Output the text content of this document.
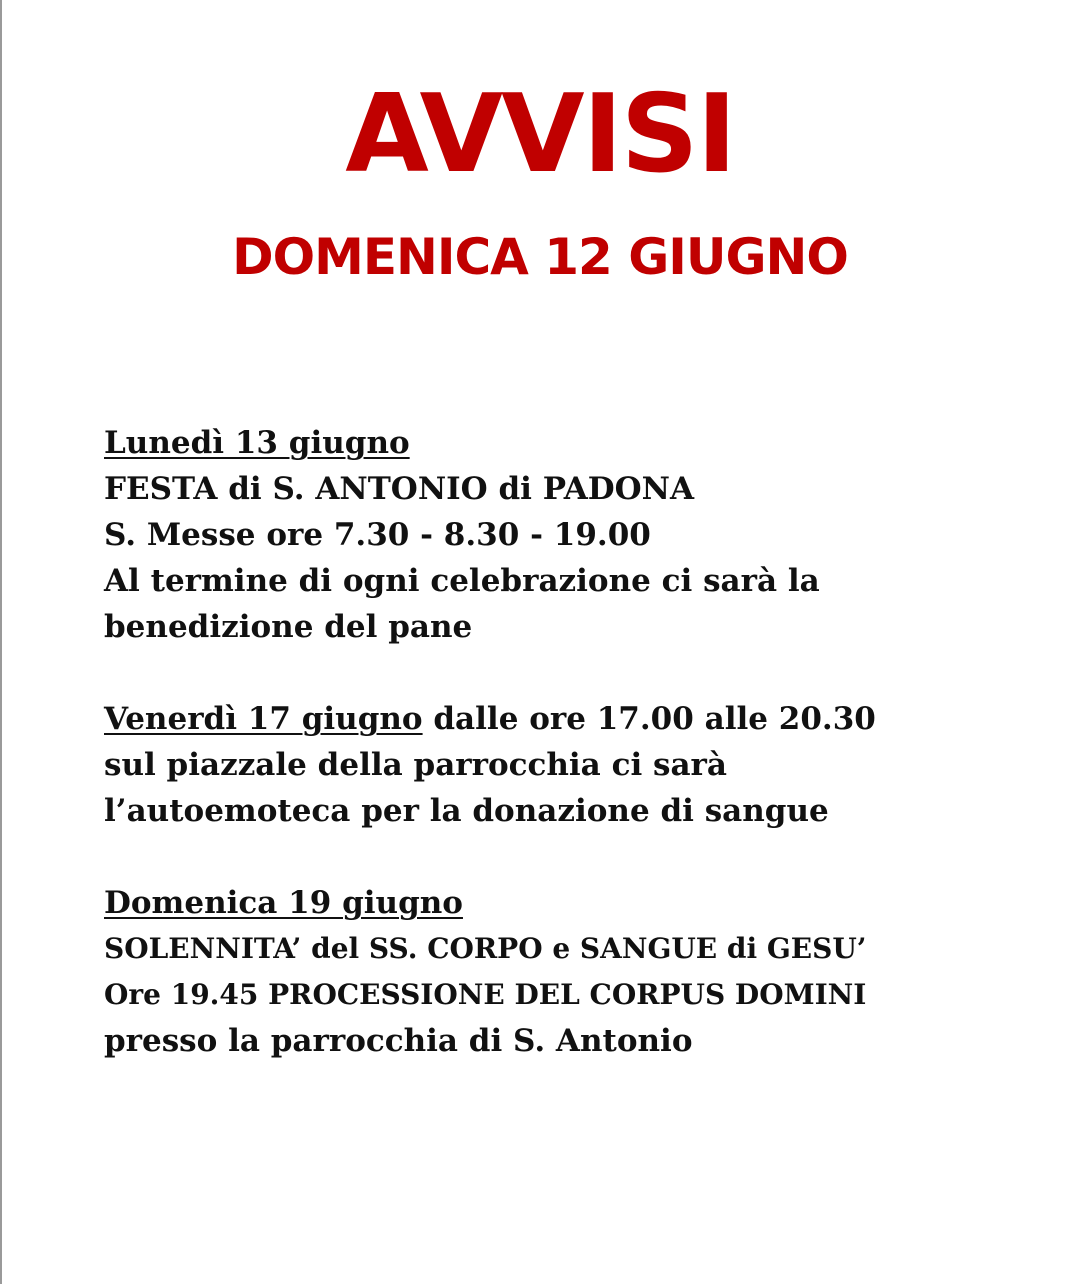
AVVISI
DOMENICA 12 GIUGNO
Lunedì 13 giugno
FESTA di S. ANTONIO di PADONA
S. Messe ore 7.30 - 8.30 - 19.00
Al termine di ogni celebrazione ci sarà la
benedizione del pane
Venerdì 17 giugno dalle ore 17.00 alle 20.30
sul piazzale della parrocchia ci sarà
l’autoemoteca per la donazione di sangue
Domenica 19 giugno
SOLENNITA’ del SS. CORPO e SANGUE di GESU’
Ore 19.45 PROCESSIONE DEL CORPUS DOMINI
presso la parrocchia di S. Antonio
